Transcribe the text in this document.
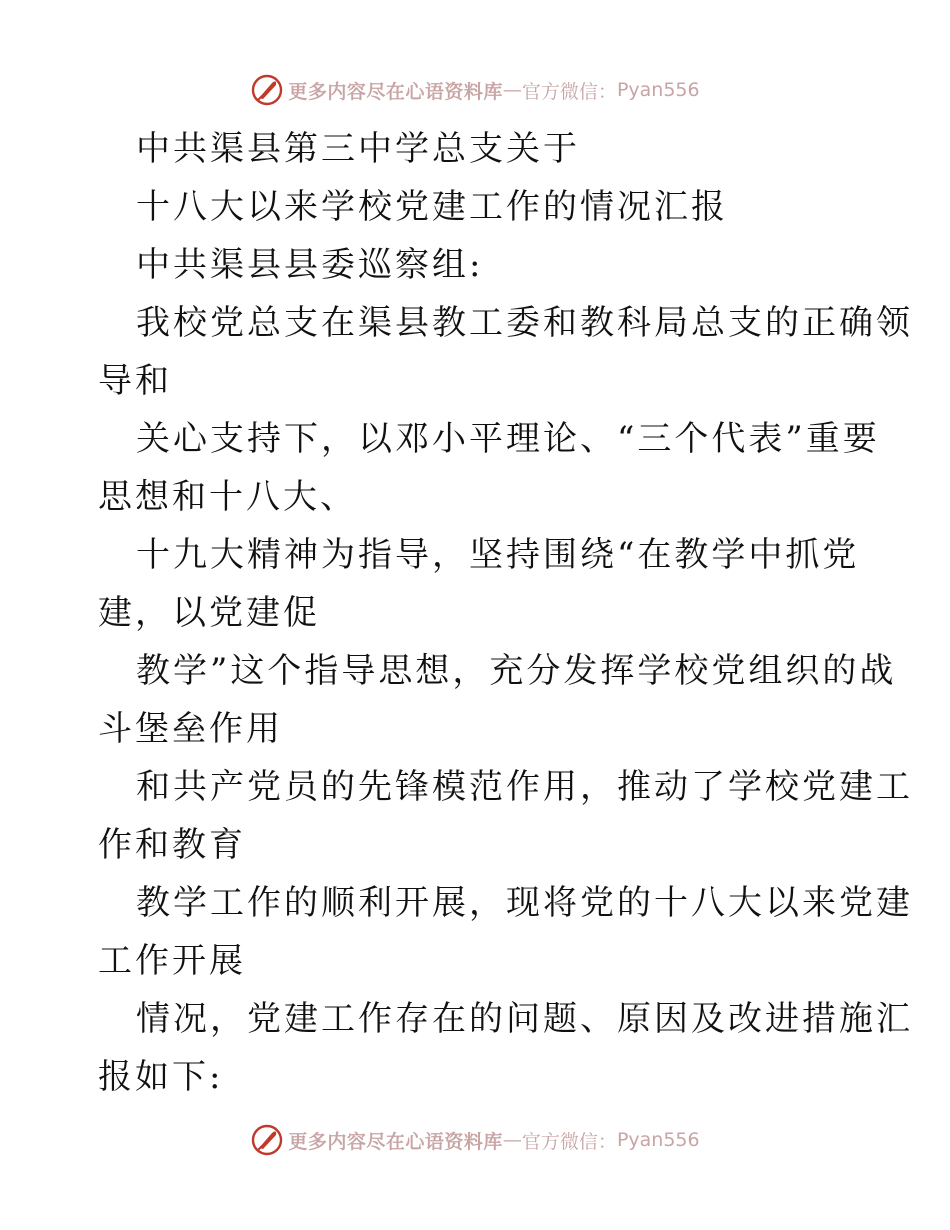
更多内容尽在心语资料库 — 官方微信： Pyan556
中共渠县第三中学总支关于
十八大以来学校党建工作的情况汇报
中共渠县县委巡察组:
我校党总支在渠县教工委和教科局总支的正确领
导和
关心支持下，以邓小平理论、“三个代表”重要
思想和十八大、
十九大精神为指导，坚持围绕“在教学中抓党
建，以党建促
教学”这个指导思想，充分发挥学校党组织的战
斗堡垒作用
和共产党员的先锋模范作用，推动了学校党建工
作和教育
教学工作的顺利开展，现将党的十八大以来党建
工作开展
情况，党建工作存在的问题、原因及改进措施汇
报如下:
更多内容尽在心语资料库 — 官方微信： Pyan556
